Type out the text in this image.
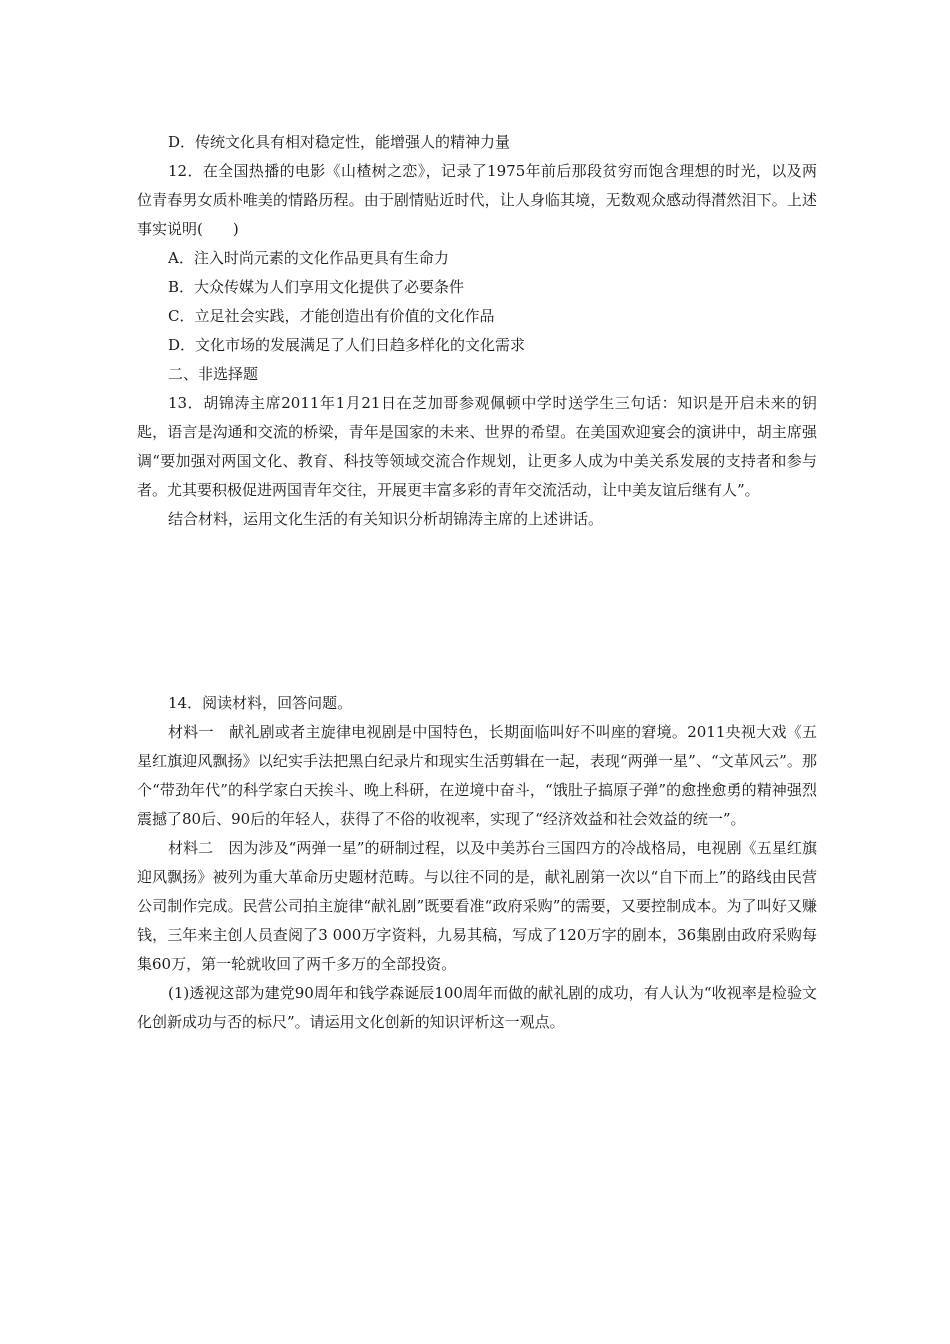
D．传统文化具有相对稳定性，能增强人的精神力量

12．在全国热播的电影《山楂树之恋》，记录了1975年前后那段贫穷而饱含理想的时光，以及两位青春男女质朴唯美的情路历程。由于剧情贴近时代，让人身临其境，无数观众感动得潸然泪下。上述事实说明(　　)

A．注入时尚元素的文化作品更具有生命力

B．大众传媒为人们享用文化提供了必要条件

C．立足社会实践，才能创造出有价值的文化作品

D．文化市场的发展满足了人们日趋多样化的文化需求

二、非选择题

13．胡锦涛主席2011年1月21日在芝加哥参观佩顿中学时送学生三句话：知识是开启未来的钥匙，语言是沟通和交流的桥梁，青年是国家的未来、世界的希望。在美国欢迎宴会的演讲中，胡主席强调“要加强对两国文化、教育、科技等领域交流合作规划，让更多人成为中美关系发展的支持者和参与者。尤其要积极促进两国青年交往，开展更丰富多彩的青年交流活动，让中美友谊后继有人”。

结合材料，运用文化生活的有关知识分析胡锦涛主席的上述讲话。

14．阅读材料，回答问题。

材料一　献礼剧或者主旋律电视剧是中国特色，长期面临叫好不叫座的窘境。2011央视大戏《五星红旗迎风飘扬》以纪实手法把黑白纪录片和现实生活剪辑在一起，表现“两弹一星”、“文革风云”。那个“带劲年代”的科学家白天挨斗、晚上科研，在逆境中奋斗，“饿肚子搞原子弹”的愈挫愈勇的精神强烈震撼了80后、90后的年轻人，获得了不俗的收视率，实现了“经济效益和社会效益的统一”。

材料二　因为涉及“两弹一星”的研制过程，以及中美苏台三国四方的冷战格局，电视剧《五星红旗迎风飘扬》被列为重大革命历史题材范畴。与以往不同的是，献礼剧第一次以“自下而上”的路线由民营公司制作完成。民营公司拍主旋律“献礼剧”既要看准“政府采购”的需要，又要控制成本。为了叫好又赚钱，三年来主创人员查阅了3 000万字资料，九易其稿，写成了120万字的剧本，36集剧由政府采购每集60万，第一轮就收回了两千多万的全部投资。

(1)透视这部为建党90周年和钱学森诞辰100周年而做的献礼剧的成功，有人认为“收视率是检验文化创新成功与否的标尺”。请运用文化创新的知识评析这一观点。
